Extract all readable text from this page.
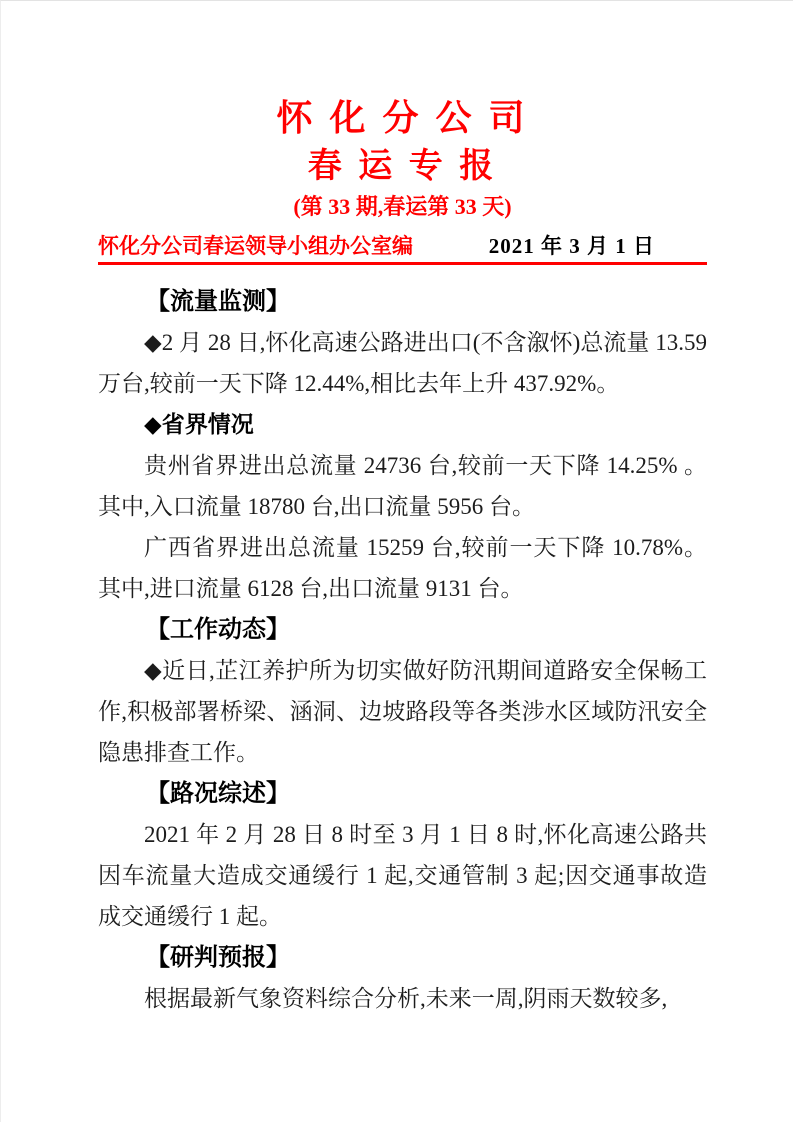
怀 化 分 公 司
春 运 专 报
(第 33 期,春运第 33 天)
怀化分公司春运领导小组办公室编	2021 年 3 月 1 日
【流量监测】

◆2 月 28 日,怀化高速公路进出口(不含溆怀)总流量 13.59 万台,较前一天下降 12.44%,相比去年上升 437.92%。

◆省界情况

贵州省界进出总流量 24736 台,较前一天下降 14.25% 。其中,入口流量 18780 台,出口流量 5956 台。

广西省界进出总流量 15259 台,较前一天下降 10.78%。其中,进口流量 6128 台,出口流量 9131 台。

【工作动态】

◆近日,芷江养护所为切实做好防汛期间道路安全保畅工作,积极部署桥梁、涵洞、边坡路段等各类涉水区域防汛安全隐患排查工作。

【路况综述】

2021 年 2 月 28 日 8 时至 3 月 1 日 8 时,怀化高速公路共因车流量大造成交通缓行 1 起,交通管制 3 起;因交通事故造成交通缓行 1 起。

【研判预报】

根据最新气象资料综合分析,未来一周,阴雨天数较多,
